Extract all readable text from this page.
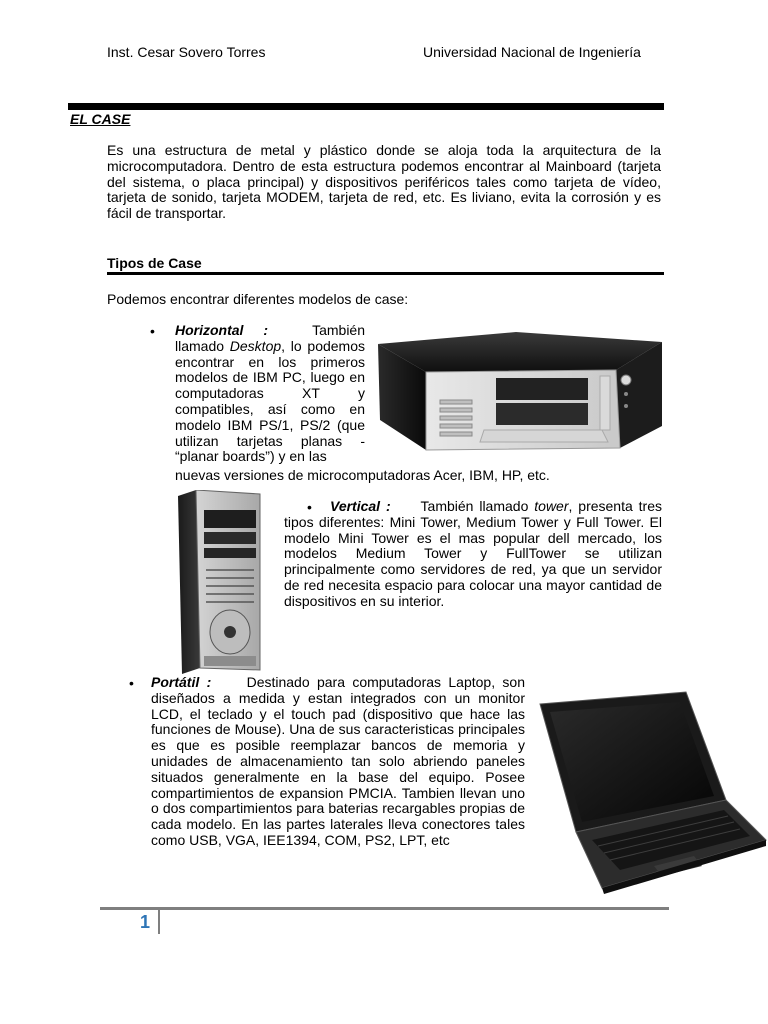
Inst. Cesar Sovero Torres	Universidad Nacional de Ingeniería
EL CASE
Es una estructura de metal y plástico donde se aloja toda la arquitectura de la microcomputadora. Dentro de esta estructura podemos encontrar al Mainboard (tarjeta del sistema, o placa principal) y dispositivos periféricos tales como tarjeta de vídeo, tarjeta de sonido, tarjeta MODEM, tarjeta de red, etc. Es liviano, evita la corrosión y es fácil de transportar.
Tipos de Case
Podemos encontrar diferentes modelos de case:
• Horizontal :	También llamado Desktop, lo podemos encontrar en los primeros modelos de IBM PC, luego en computadoras XT y compatibles, así como en modelo IBM PS/1, PS/2 (que utilizan tarjetas planas - “planar boards”) y en las
nuevas versiones de microcomputadoras Acer, IBM, HP, etc.
•	Vertical : También llamado tower, presenta tres tipos diferentes: Mini Tower, Medium Tower y Full Tower. El modelo Mini Tower es el mas popular dell mercado, los modelos Medium Tower y FullTower se utilizan principalmente como servidores de red, ya que un servidor de red necesita espacio para colocar una mayor cantidad de dispositivos en su interior.
• Portátil :	Destinado para computadoras Laptop, son diseñados a medida y estan integrados con un monitor LCD, el teclado y el touch pad (dispositivo que hace las funciones de Mouse). Una de sus caracteristicas principales es que es posible reemplazar bancos de memoria y unidades de almacenamiento tan solo abriendo paneles situados generalmente en la base del equipo. Posee compartimientos de expansion PMCIA. Tambien llevan uno o dos compartimientos para baterias recargables propias de cada modelo. En las partes laterales lleva conectores tales como USB, VGA, IEE1394, COM, PS2, LPT, etc
1
